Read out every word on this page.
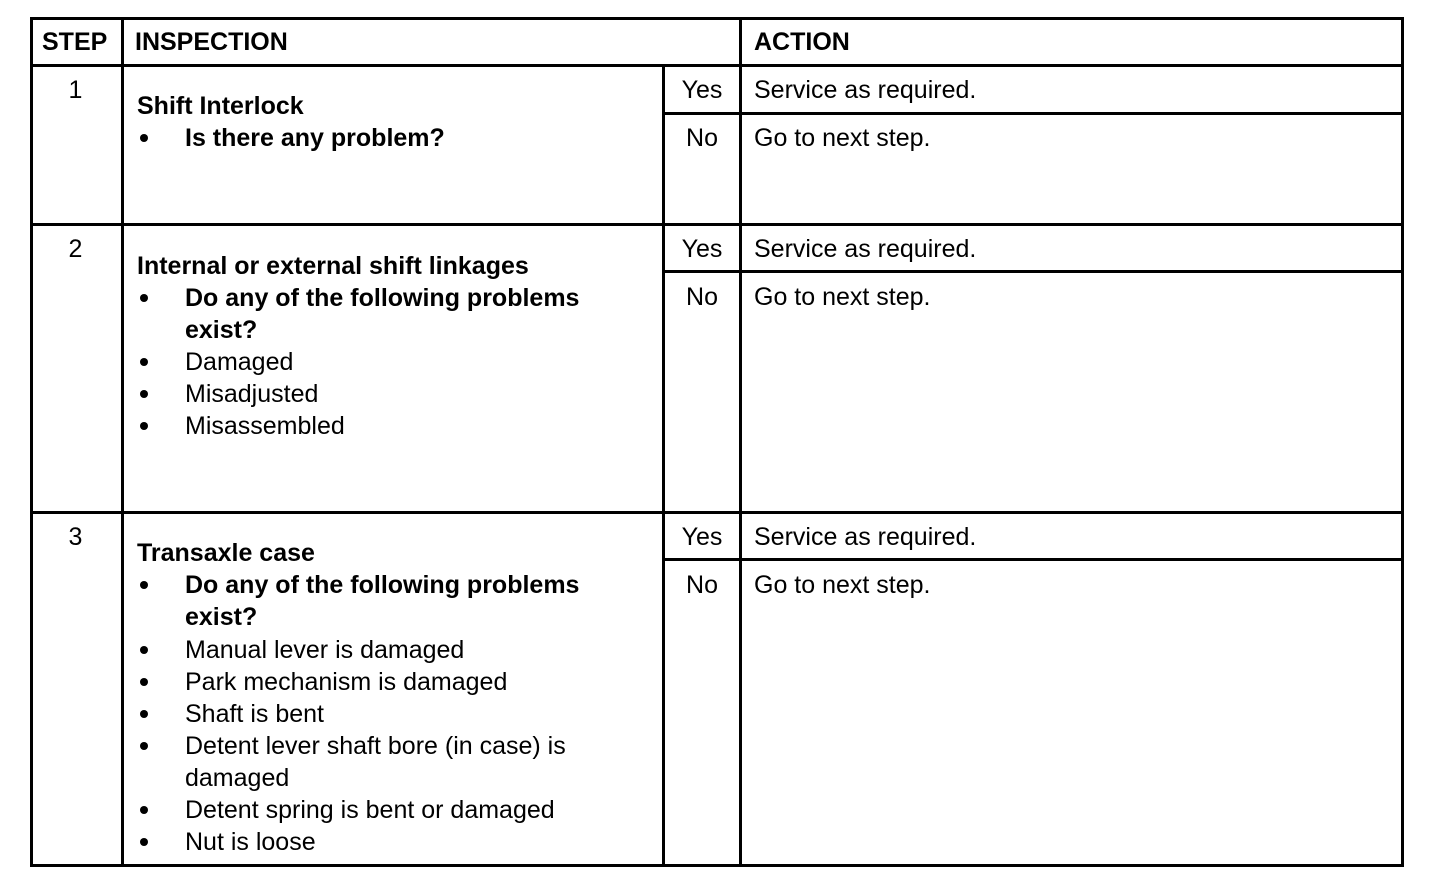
STEP INSPECTION	ACTION
1
Shift Interlock
Is there any problem?
Yes
No
Service as required.
Go to next step.
2
Internal or external shift linkages
Do any of the following problems exist?
Damaged
Misadjusted
Misassembled
Yes
No
Service as required.
Go to next step.
3
Transaxle case
Do any of the following problems exist?
Manual lever is damaged
Park mechanism is damaged
Shaft is bent
Detent lever shaft bore (in case) is damaged
Detent spring is bent or damaged
Nut is loose
Yes
No
Service as required.
Go to next step.
